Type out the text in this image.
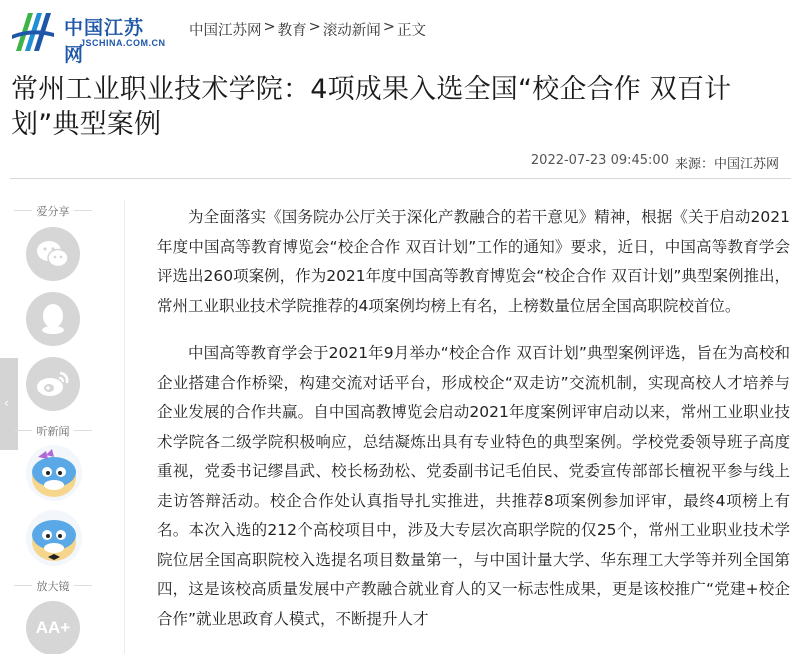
中国江苏网
JSCHINA.COM.CN
中国江苏网 > 教育 > 滚动新闻 > 正文
常州工业职业技术学院：4项成果入选全国“校企合作 双百计划”典型案例
2022-07-23 09:45:00 来源：中国江苏网
‹
爱分享
听新闻
放大镜
AA+

为全面落实《国务院办公厅关于深化产教融合的若干意见》精神，根据《关于启动2021年度中国高等教育博览会“校企合作 双百计划”工作的通知》要求，近日，中国高等教育学会评选出260项案例，作为2021年度中国高等教育博览会“校企合作 双百计划”典型案例推出，常州工业职业技术学院推荐的4项案例均榜上有名，上榜数量位居全国高职院校首位。

中国高等教育学会于2021年9月举办“校企合作 双百计划”典型案例评选，旨在为高校和企业搭建合作桥梁，构建交流对话平台，形成校企“双走访”交流机制，实现高校人才培养与企业发展的合作共赢。自中国高教博览会启动2021年度案例评审启动以来，常州工业职业技术学院各二级学院积极响应，总结凝炼出具有专业特色的典型案例。学校党委领导班子高度重视，党委书记缪昌武、校长杨劲松、党委副书记毛伯民、党委宣传部部长檀祝平参与线上走访答辩活动。校企合作处认真指导扎实推进，共推荐8项案例参加评审，最终4项榜上有名。本次入选的212个高校项目中，涉及大专层次高职学院的仅25个，常州工业职业技术学院位居全国高职院校入选提名项目数量第一，与中国计量大学、华东理工大学等并列全国第四，这是该校高质量发展中产教融合就业育人的又一标志性成果，更是该校推广“党建+校企合作”就业思政育人模式，不断提升人才
